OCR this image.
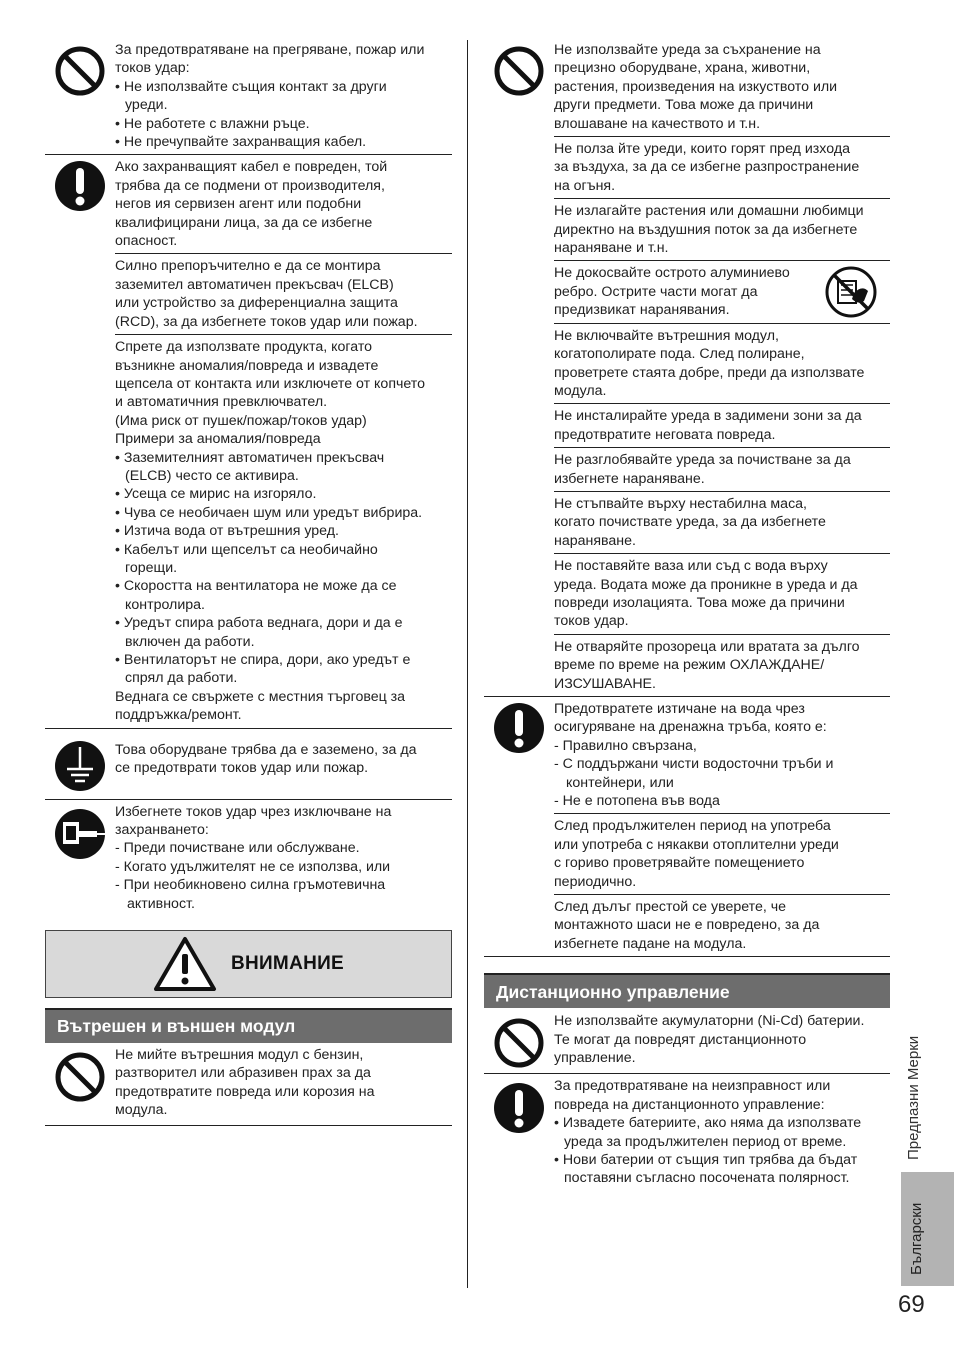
За предотвратяване на прегряване, пожар или

токов удар:

• Не използвайте същия контакт за други

уреди.

• Не работете с влажни ръце.

• Не пречупвайте захранващия кабел.

Ако захранващият кабел е повреден, той

трябва да се подмени от производителя,

негов ия сервизен агент или подобни

квалифицирани лица, за да се избегне

опасност.

Силно препоръчително е да се монтира

заземител автоматичен прекъсвач (ELCB)

или устройство за диференциална защита

(RCD), за да избегнете токов удар или пожар.

Спрете да използвате продукта, когато

възникне аномалия/повреда и извадете

щепсела от контакта или изключете от копчето

и автоматичния превключвател.

(Има риск от пушек/пожар/токов удар)

Примери за аномалия/повреда

• Заземителният автоматичен прекъсвач

(ELCB) често се активира.

• Усеща се мирис на изгоряло.

• Чува се необичаен шум или уредът вибрира.

• Изтича вода от вътрешния уред.

• Кабелът или щепселът са необичайно

горещи.

• Скоростта на вентилатора не може да се

контролира.

• Уредът спира работа веднага, дори и да е

включен да работи.

• Вентилаторът не спира, дори, ако уредът е

спрял да работи.

Веднага се свържете с местния търговец за

поддръжка/ремонт.

Това оборудване трябва да е заземено, за да

се предотврати токов удар или пожар.

Избегнете токов удар чрез изключване на

захранването:

- Преди почистване или обслужване.

- Когато удължителят не се използва, или

- При необикновено силна гръмотевична

активност.

ВНИМАНИЕ
Вътрешен и външен модул

Не мийте вътрешния модул с бензин,

разтворител или абразивен прах за да

предотвратите повреда или корозия на

модула.

Не използвайте уреда за съхранение на

прецизно оборудване, храна, животни,

растения, произведения на изкуството или

други предмети. Това може да причини

влошаване на качеството и т.н.

Не полза йте уреди, които горят пред изхода

за въздуха, за да се избегне разпространение

на огъня.

Не излагайте растения или домашни любимци

директно на въздушния поток за да избегнете

нараняване и т.н.

Не докосвайте острото алуминиево

ребро. Острите части могат да

предизвикат наранявания.

Не включвайте вътрешния модул,

когатополирате пода. След полиране,

проветрете стаята добре, преди да използвате

модула.

Не инсталирайте уреда в задимени зони за да

предотвратите неговата повреда.

Не разглобявайте уреда за почистване за да

избегнете нараняване.

Не стъпвайте върху нестабилна маса,

когато почиствате уреда, за да избегнете

нараняване.

Не поставяйте ваза или съд с вода върху

уреда. Водата може да проникне в уреда и да

повреди изолацията. Това може да причини

токов удар.

Не отваряйте прозореца или вратата за дълго

време по време на режим ОХЛАЖДАНЕ/

ИЗСУШАВАНЕ.

Предотвратете изтичане на вода чрез

осигуряване на дренажна тръба, която е:

- Правилно свързана,

- С поддържани чисти водосточни тръби и

контейнери, или

- Не е потопена във вода

След продължителен период на употреба

или употреба с някакви отоплителни уреди

с гориво проветрявайте помещението

периодично.

След дълъг престой се уверете, че

монтажното шаси не е повредено, за да

избегнете падане на модула.

Дистанционно управление

Не използвайте акумулаторни (Ni-Cd) батерии.

Те могат да повредят дистанционното

управление.

За предотвратяване на неизправност или

повреда на дистанционното управление:

• Извадете батериите, ако няма да използвате

уреда за продължителен период от време.

• Нови батерии от същия тип трябва да бъдат

поставяни съгласно посочената полярност.

Предпазни Мерки
Български
69
